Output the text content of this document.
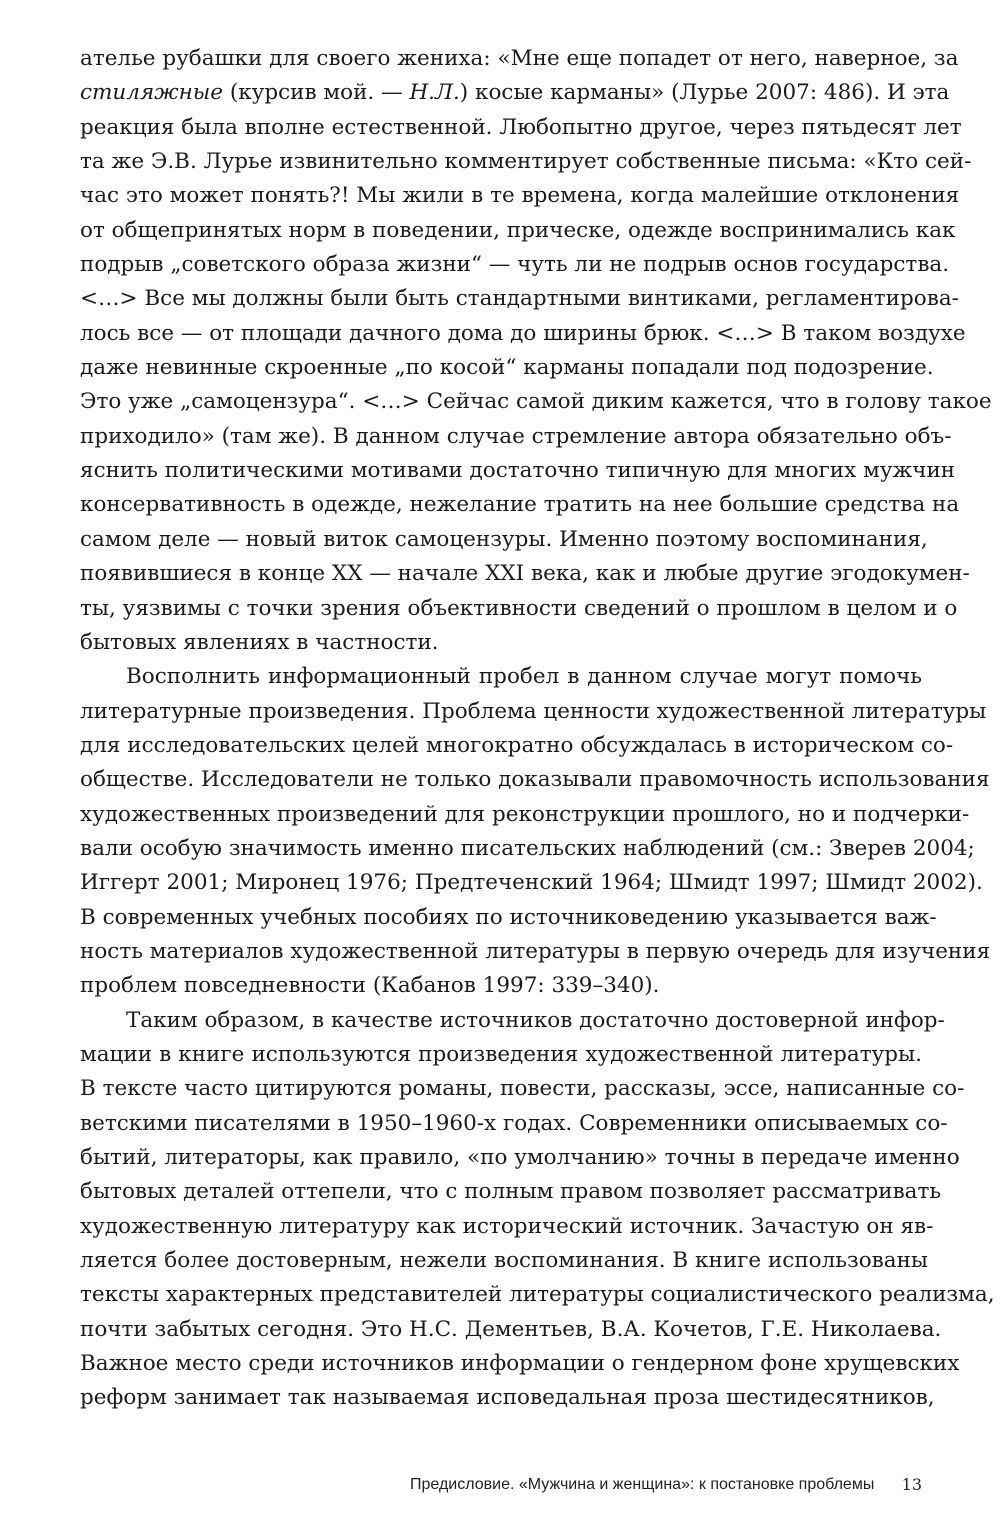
ателье рубашки для своего жениха: «Мне еще попадет от него, наверное, за
стиляжные (курсив мой. — Н.Л.) косые карманы» (Лурье 2007: 486). И эта
реакция была вполне естественной. Любопытно другое, через пятьдесят лет
та же Э.В. Лурье извинительно комментирует собственные письма: «Кто сей-
час это может понять?! Мы жили в те времена, когда малейшие отклонения
от общепринятых норм в поведении, прическе, одежде воспринимались как
подрыв „советского образа жизни“ — чуть ли не подрыв основ государства.
<…> Все мы должны были быть стандартными винтиками, регламентирова-
лось все — от площади дачного дома до ширины брюк. <…> В таком воздухе
даже невинные скроенные „по косой“ карманы попадали под подозрение.
Это уже „самоцензура“. <…> Сейчас самой диким кажется, что в голову такое
приходило» (там же). В данном случае стремление автора обязательно объ-
яснить политическими мотивами достаточно типичную для многих мужчин
консервативность в одежде, нежелание тратить на нее большие средства на
самом деле — новый виток самоцензуры. Именно поэтому воспоминания,
появившиеся в конце XX — начале XXI века, как и любые другие эгодокумен-
ты, уязвимы с точки зрения объективности сведений о прошлом в целом и о
бытовых явлениях в частности.
Восполнить информационный пробел в данном случае могут помочь
литературные произведения. Проблема ценности художественной литературы
для исследовательских целей многократно обсуждалась в историческом со-
обществе. Исследователи не только доказывали правомочность использования
художественных произведений для реконструкции прошлого, но и подчерки-
вали особую значимость именно писательских наблюдений (см.: Зверев 2004;
Иггерт 2001; Миронец 1976; Предтеченский 1964; Шмидт 1997; Шмидт 2002).
В современных учебных пособиях по источниковедению указывается важ-
ность материалов художественной литературы в первую очередь для изучения
проблем повседневности (Кабанов 1997: 339–340).
Таким образом, в качестве источников достаточно достоверной инфор-
мации в книге используются произведения художественной литературы.
В тексте часто цитируются романы, повести, рассказы, эссе, написанные со-
ветскими писателями в 1950–1960-х годах. Современники описываемых со-
бытий, литераторы, как правило, «по умолчанию» точны в передаче именно
бытовых деталей оттепели, что с полным правом позволяет рассматривать
художественную литературу как исторический источник. Зачастую он яв-
ляется более достоверным, нежели воспоминания. В книге использованы
тексты характерных представителей литературы социалистического реализма,
почти забытых сегодня. Это Н.С. Дементьев, В.А. Кочетов, Г.Е. Николаева.
Важное место среди источников информации о гендерном фоне хрущевских
реформ занимает так называемая исповедальная проза шестидесятников,
Предисловие. «Мужчина и женщина»: к постановке проблемы 13
